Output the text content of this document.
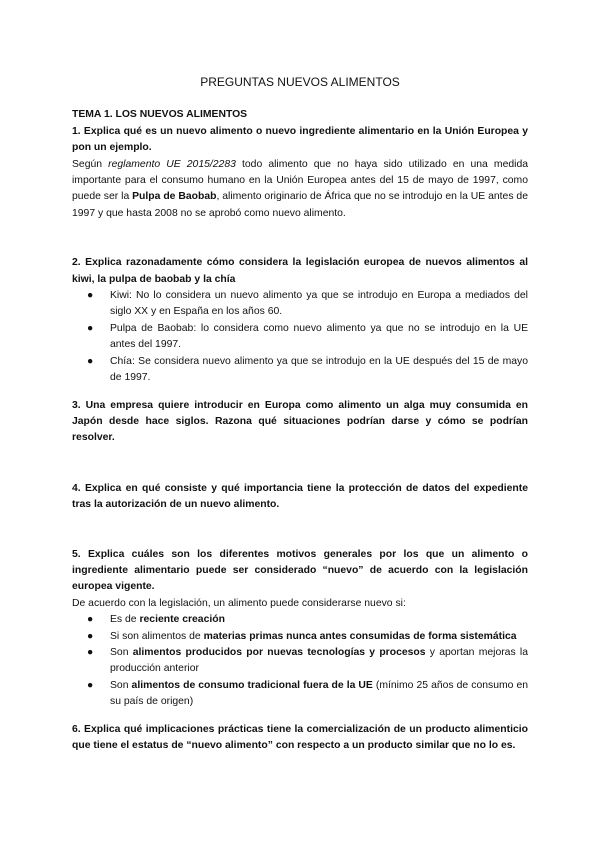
PREGUNTAS NUEVOS ALIMENTOS

TEMA 1. LOS NUEVOS ALIMENTOS

1. Explica qué es un nuevo alimento o nuevo ingrediente alimentario en la Unión Europea y pon un ejemplo.

Según reglamento UE 2015/2283 todo alimento que no haya sido utilizado en una medida importante para el consumo humano en la Unión Europea antes del 15 de mayo de 1997, como puede ser la Pulpa de Baobab, alimento originario de África que no se introdujo en la UE antes de 1997 y que hasta 2008 no se aprobó como nuevo alimento.

2. Explica razonadamente cómo considera la legislación europea de nuevos alimentos al kiwi, la pulpa de baobab y la chía

● Kiwi: No lo considera un nuevo alimento ya que se introdujo en Europa a mediados del siglo XX y en España en los años 60.
● Pulpa de Baobab: lo considera como nuevo alimento ya que no se introdujo en la UE antes del 1997.
● Chía: Se considera nuevo alimento ya que se introdujo en la UE después del 15 de mayo de 1997.

3. Una empresa quiere introducir en Europa como alimento un alga muy consumida en Japón desde hace siglos. Razona qué situaciones podrían darse y cómo se podrían resolver.

4. Explica en qué consiste y qué importancia tiene la protección de datos del expediente tras la autorización de un nuevo alimento.

5. Explica cuáles son los diferentes motivos generales por los que un alimento o ingrediente alimentario puede ser considerado “nuevo” de acuerdo con la legislación europea vigente.

De acuerdo con la legislación, un alimento puede considerarse nuevo si:

● Es de reciente creación
● Si son alimentos de materias primas nunca antes consumidas de forma sistemática
● Son alimentos producidos por nuevas tecnologías y procesos y aportan mejoras la producción anterior
● Son alimentos de consumo tradicional fuera de la UE (mínimo 25 años de consumo en su país de origen)

6. Explica qué implicaciones prácticas tiene la comercialización de un producto alimenticio que tiene el estatus de “nuevo alimento” con respecto a un producto similar que no lo es.
